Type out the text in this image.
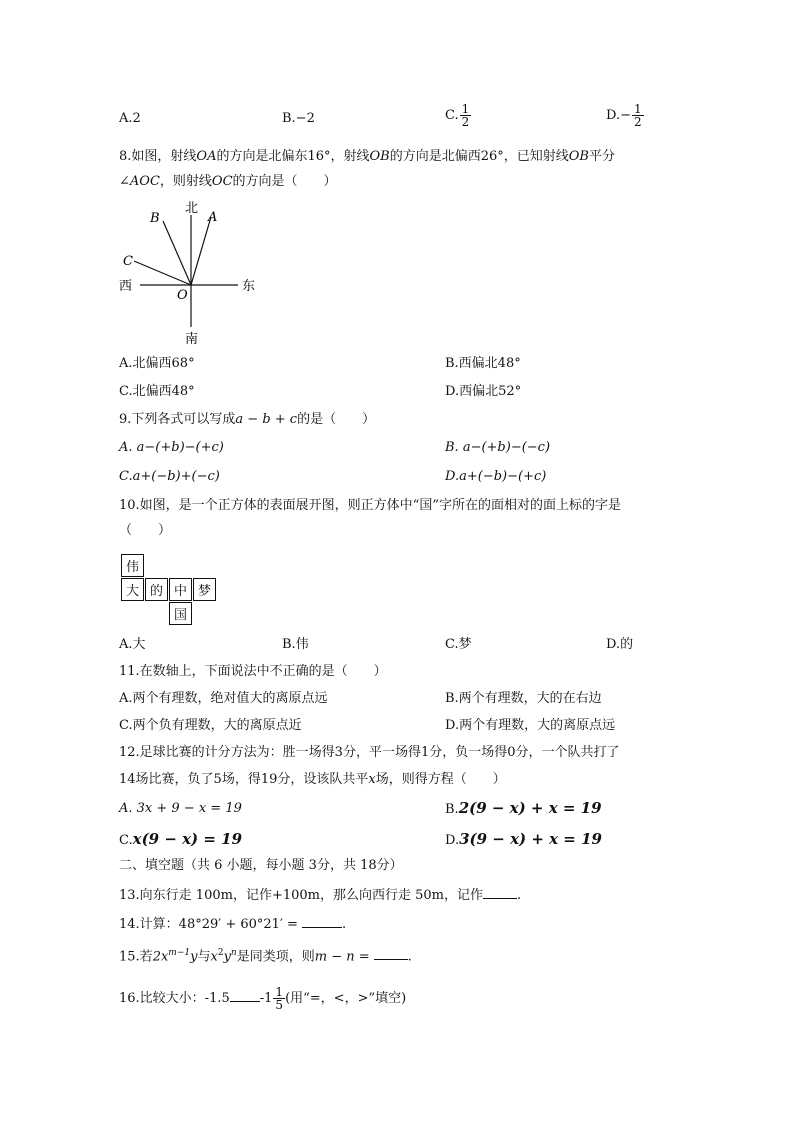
A.2	B.−2	C. $\frac{1}{2}$	$D.- \frac{1}{2}$
8.如图，射线OA的方向是北偏东16°，射线OB的方向是北偏西26°，已知射线OB平分
∠AOC，则射线OC的方向是（　　）
北
南
东
西
A
B
C
O
A.北偏西68°	B.西偏北48°
C.北偏西48°	D.西偏北52°
9.下列各式可以写成a − b + c的是（　　）
A. a−(+b)−(+c)	B. a−(+b)−(−c)
C.a+(−b)+(−c)	D.a+(−b)−(+c)
10.如图，是一个正方体的表面展开图，则正方体中“国”字所在的面相对的面上标的字是
（　　）
伟
大 的 中 梦
国
A.大	B.伟	C.梦	D.的
11.在数轴上，下面说法中不正确的是（　　）
A.两个有理数，绝对值大的离原点远	B.两个有理数，大的在右边
C.两个负有理数，大的离原点近	D.两个有理数，大的离原点远
12.足球比赛的计分方法为：胜一场得3分，平一场得1分，负一场得0分，一个队共打了
14场比赛，负了5场，得19分，设该队共平x场，则得方程（　　）
A. 3x + 9 − x = 19	B.2(9 − x) + x = 19
C.x(9 − x) = 19	D.3(9 − x) + x = 19
二、填空题（共 6 小题，每小题 3分，共 18分）
13.向东行走 100m，记作+100m，那么向西行走 50m，记作	.
14.计算：48°29′ + 60°21′ =	.
15.若$2x^{m-1}y$与$x^2y^n$是同类项，则m − n =	.
16.比较大小：-1.5 $-1 \frac{1}{5}$ (用“=，<，>”填空)
